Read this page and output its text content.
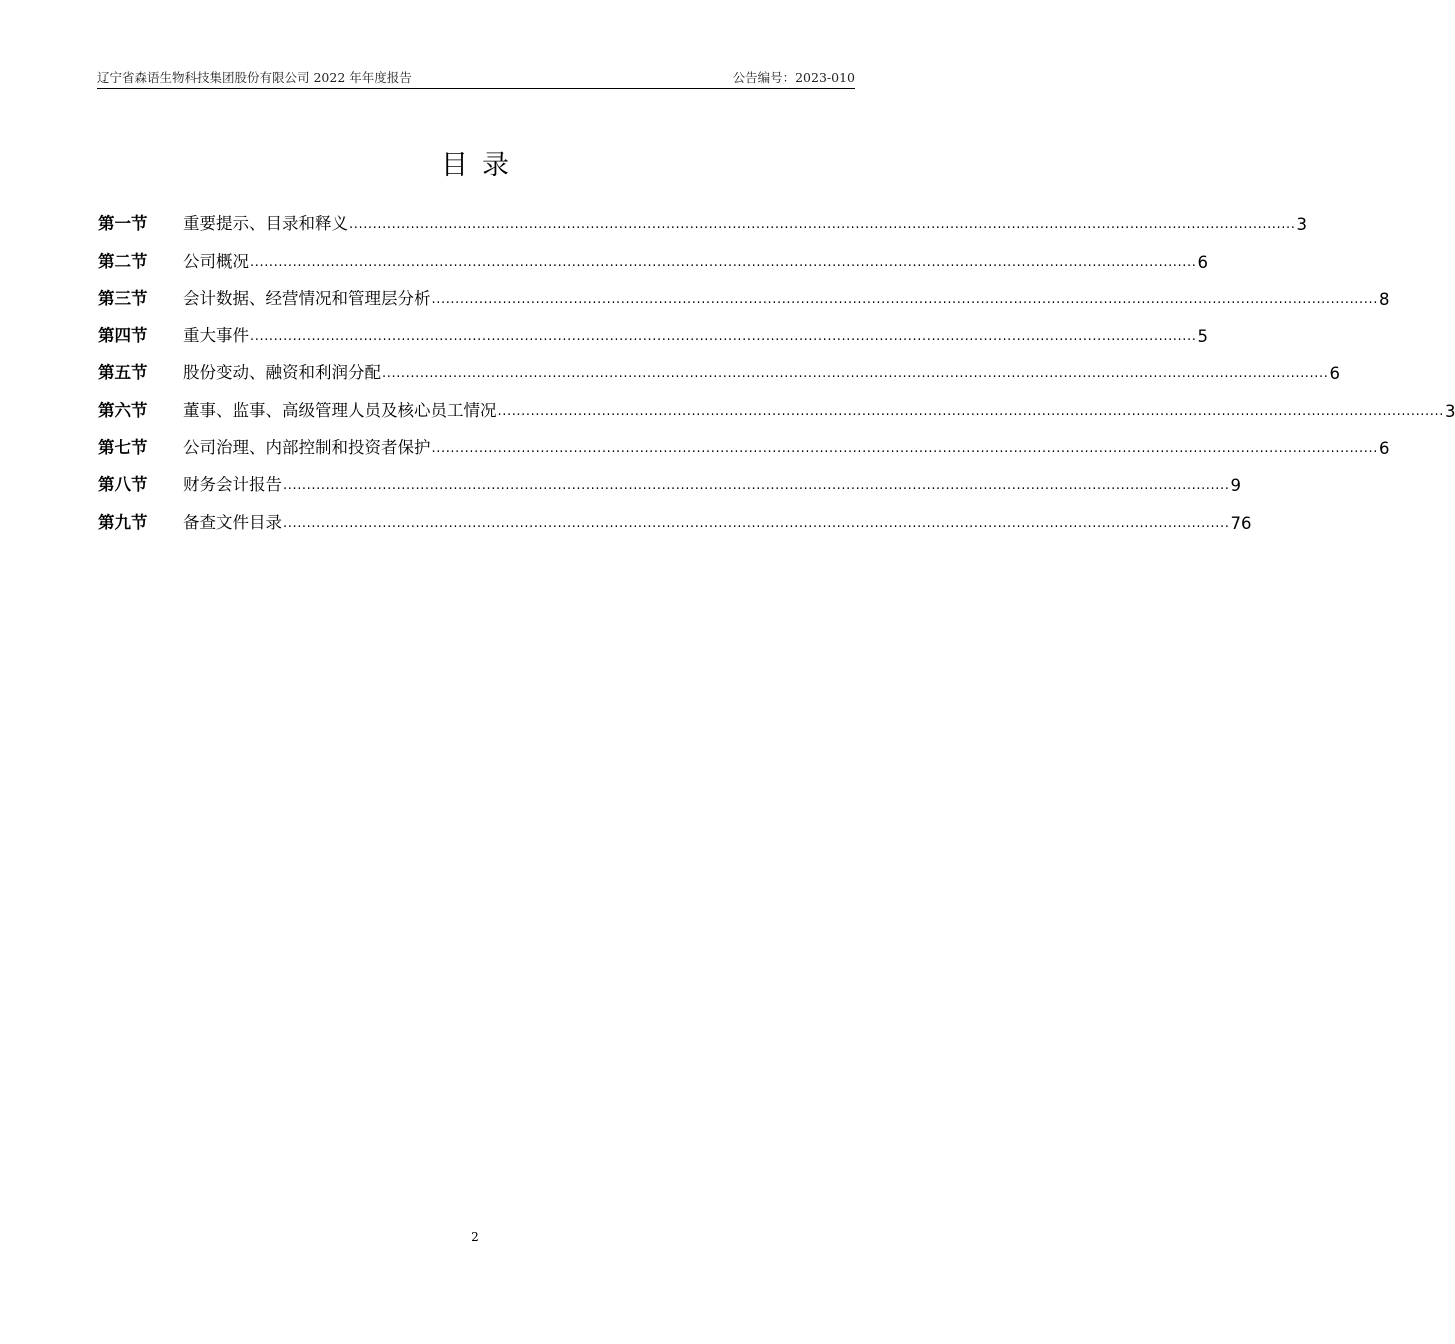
辽宁省森语生物科技集团股份有限公司 2022 年年度报告	公告编号：2023-010
目录
第一节	重要提示、目录和释义 ........................................................................................................................................................................................................ 3
第二节	公司概况 ........................................................................................................................................................................................................ 6
第三节	会计数据、经营情况和管理层分析 ........................................................................................................................................................................................................ 8
第四节	重大事件 ........................................................................................................................................................................................................ 5
第五节	股份变动、融资和利润分配 ........................................................................................................................................................................................................ 6
第六节	董事、监事、高级管理人员及核心员工情况 ........................................................................................................................................................................................................ 3
第七节	公司治理、内部控制和投资者保护 ........................................................................................................................................................................................................ 6
第八节	财务会计报告 ........................................................................................................................................................................................................ 9
第九节	备查文件目录 ........................................................................................................................................................................................................ 76
2
